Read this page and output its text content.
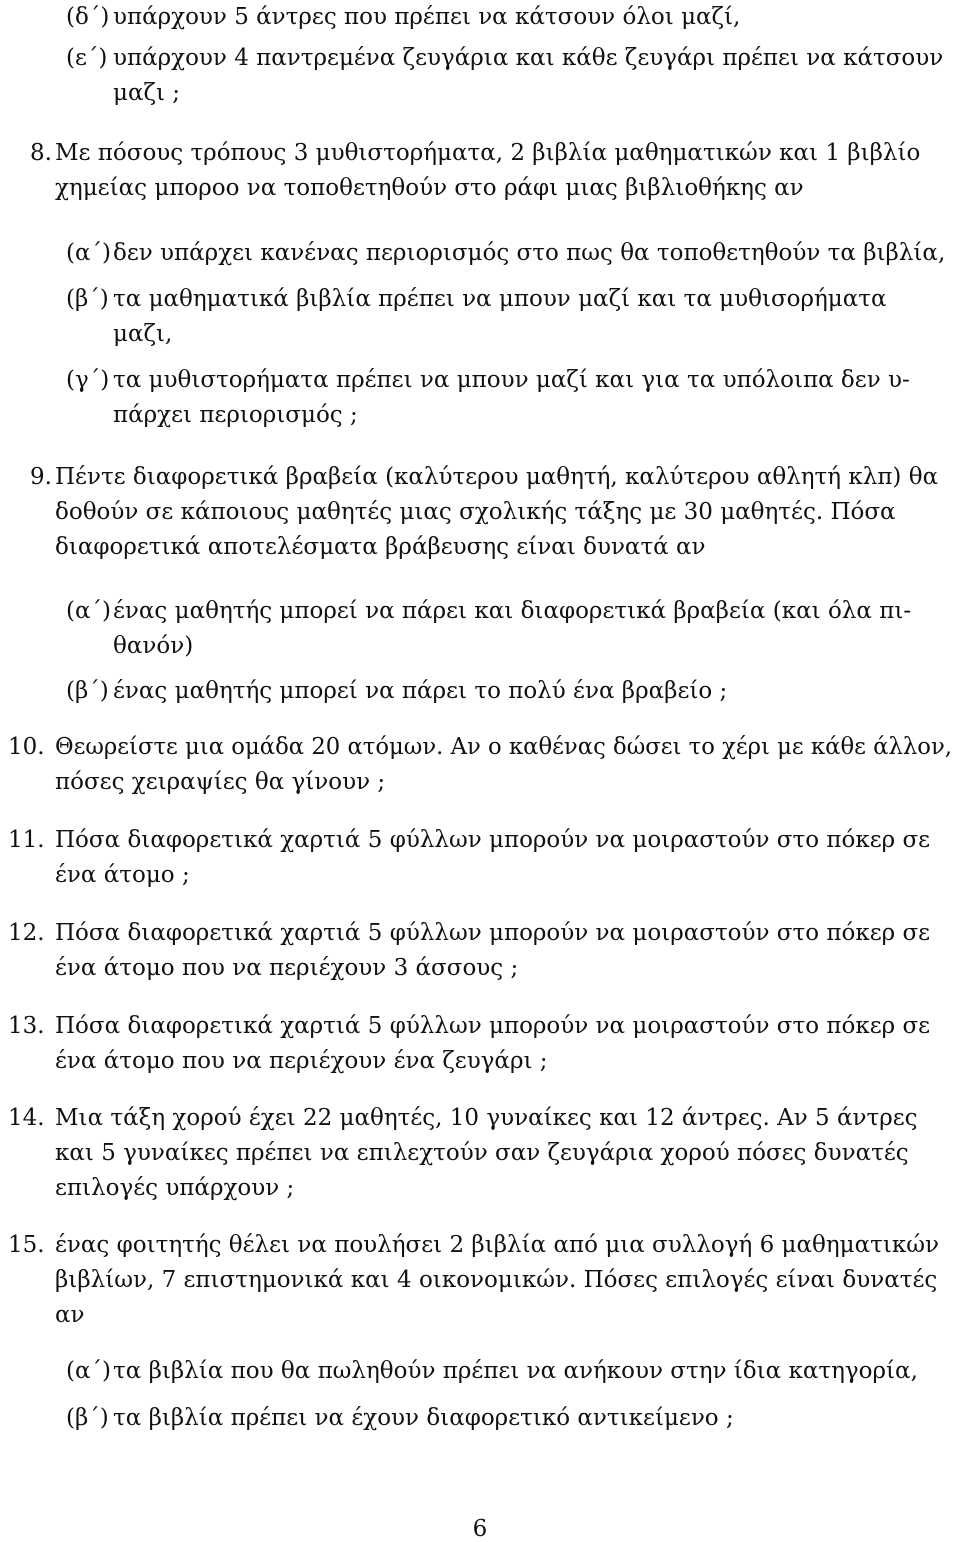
(δ΄) υπάρχουν 5 άντρες που πρέπει να κάτσουν όλοι μαζί,
(ε΄) υπάρχουν 4 παντρεμένα ζευγάρια και κάθε ζευγάρι πρέπει να κάτσουν
μαζι ;
8. Με πόσους τρόπους 3 μυθιστορήματα, 2 βιβλία μαθηματικών και 1 βιβλίο
χημείας μποροο να τοποθετηθούν στο ράφι μιας βιβλιοθήκης αν
(α΄) δεν υπάρχει κανένας περιορισμός στο πως θα τοποθετηθούν τα βιβλία,
(β΄) τα μαθηματικά βιβλία πρέπει να μπουν μαζί και τα μυθισορήματα
μαζι,
(γ΄) τα μυθιστορήματα πρέπει να μπουν μαζί και για τα υπόλοιπα δεν υ-
πάρχει περιορισμός ;
9. Πέντε διαφορετικά βραβεία (καλύτερου μαθητή, καλύτερου αθλητή κλπ) θα
δοθούν σε κάποιους μαθητές μιας σχολικής τάξης με 30 μαθητές. Πόσα
διαφορετικά αποτελέσματα βράβευσης είναι δυνατά αν
(α΄) ένας μαθητής μπορεί να πάρει και διαφορετικά βραβεία (και όλα πι-
θανόν)
(β΄) ένας μαθητής μπορεί να πάρει το πολύ ένα βραβείο ;
10. Θεωρείστε μια ομάδα 20 ατόμων. Αν ο καθένας δώσει το χέρι με κάθε άλλον,
πόσες χειραψίες θα γίνουν ;
11. Πόσα διαφορετικά χαρτιά 5 φύλλων μπορούν να μοιραστούν στο πόκερ σε
ένα άτομο ;
12. Πόσα διαφορετικά χαρτιά 5 φύλλων μπορούν να μοιραστούν στο πόκερ σε
ένα άτομο που να περιέχουν 3 άσσους ;
13. Πόσα διαφορετικά χαρτιά 5 φύλλων μπορούν να μοιραστούν στο πόκερ σε
ένα άτομο που να περιέχουν ένα ζευγάρι ;
14. Μια τάξη χορού έχει 22 μαθητές, 10 γυναίκες και 12 άντρες. Αν 5 άντρες
και 5 γυναίκες πρέπει να επιλεχτούν σαν ζευγάρια χορού πόσες δυνατές
επιλογές υπάρχουν ;
15. ένας φοιτητής θέλει να πουλήσει 2 βιβλία από μια συλλογή 6 μαθηματικών
βιβλίων, 7 επιστημονικά και 4 οικονομικών. Πόσες επιλογές είναι δυνατές
αν
(α΄) τα βιβλία που θα πωληθούν πρέπει να ανήκουν στην ίδια κατηγορία,
(β΄) τα βιβλία πρέπει να έχουν διαφορετικό αντικείμενο ;
6
